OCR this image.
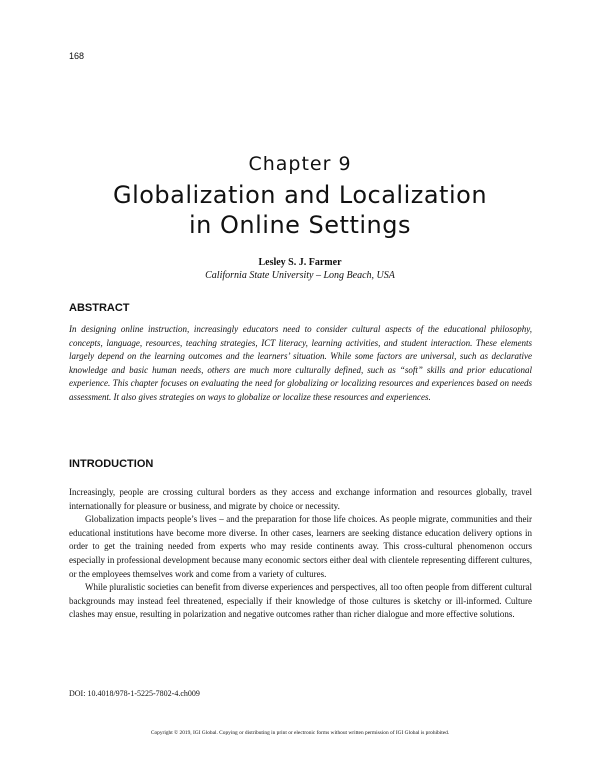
168
Chapter 9
Globalization and Localization
in Online Settings
Lesley S. J. Farmer
California State University – Long Beach, USA
ABSTRACT
In designing online instruction, increasingly educators need to consider cultural aspects of the educational philosophy, concepts, language, resources, teaching strategies, ICT literacy, learning activities, and student interaction. These elements largely depend on the learning outcomes and the learners’ situation. While some factors are universal, such as declarative knowledge and basic human needs, others are much more culturally defined, such as “soft” skills and prior educational experience. This chapter focuses on evaluating the need for globalizing or localizing resources and experiences based on needs assessment. It also gives strategies on ways to globalize or localize these resources and experiences.
INTRODUCTION

Increasingly, people are crossing cultural borders as they access and exchange information and resources globally, travel internationally for pleasure or business, and migrate by choice or necessity.

Globalization impacts people’s lives – and the preparation for those life choices. As people migrate, communities and their educational institutions have become more diverse. In other cases, learners are seeking distance education delivery options in order to get the training needed from experts who may reside continents away. This cross-cultural phenomenon occurs especially in professional development because many economic sectors either deal with clientele representing different cultures, or the employees themselves work and come from a variety of cultures.

While pluralistic societies can benefit from diverse experiences and perspectives, all too often people from different cultural backgrounds may instead feel threatened, especially if their knowledge of those cultures is sketchy or ill-informed. Culture clashes may ensue, resulting in polarization and negative outcomes rather than richer dialogue and more effective solutions.

DOI: 10.4018/978-1-5225-7802-4.ch009
Copyright © 2019, IGI Global. Copying or distributing in print or electronic forms without written permission of IGI Global is prohibited.
